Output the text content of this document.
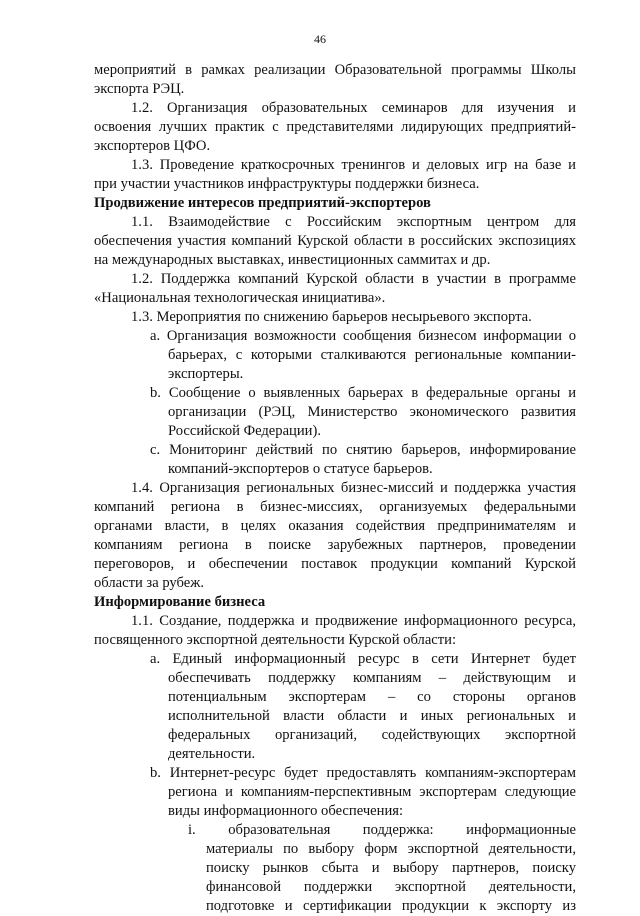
46
мероприятий в рамках реализации Образовательной программы Школы
экспорта РЭЦ.
1.2. Организация образовательных семинаров для изучения и
освоения лучших практик с представителями лидирующих предприятий-
экспортеров ЦФО.
1.3. Проведение краткосрочных тренингов и деловых игр на базе и
при участии участников инфраструктуры поддержки бизнеса.
Продвижение интересов предприятий-экспортеров
1.1. Взаимодействие с Российским экспортным центром для
обеспечения участия компаний Курской области в российских экспозициях
на международных выставках, инвестиционных саммитах и др.
1.2. Поддержка компаний Курской области в участии в программе
«Национальная технологическая инициатива».
1.3. Мероприятия по снижению барьеров несырьевого экспорта.
a. Организация возможности сообщения бизнесом информации о
барьерах, с которыми сталкиваются региональные компании-
экспортеры.
b. Сообщение о выявленных барьерах в федеральные органы и
организации (РЭЦ, Министерство экономического развития
Российской Федерации).
c. Мониторинг действий по снятию барьеров, информирование
компаний-экспортеров о статусе барьеров.
1.4. Организация региональных бизнес-миссий и поддержка участия
компаний региона в бизнес-миссиях, организуемых федеральными
органами власти, в целях оказания содействия предпринимателям и
компаниям региона в поиске зарубежных партнеров, проведении
переговоров, и обеспечении поставок продукции компаний Курской
области за рубеж.
Информирование бизнеса
1.1. Создание, поддержка и продвижение информационного ресурса,
посвященного экспортной деятельности Курской области:
a. Единый информационный ресурс в сети Интернет будет
обеспечивать поддержку компаниям – действующим и
потенциальным экспортерам – со стороны органов
исполнительной власти области и иных региональных и
федеральных организаций, содействующих экспортной
деятельности.
b. Интернет-ресурс будет предоставлять компаниям-экспортерам
региона и компаниям-перспективным экспортерам следующие
виды информационного обеспечения:
i. образовательная поддержка: информационные
материалы по выбору форм экспортной деятельности,
поиску рынков сбыта и выбору партнеров, поиску
финансовой поддержки экспортной деятельности,
подготовке и сертификации продукции к экспорту из
